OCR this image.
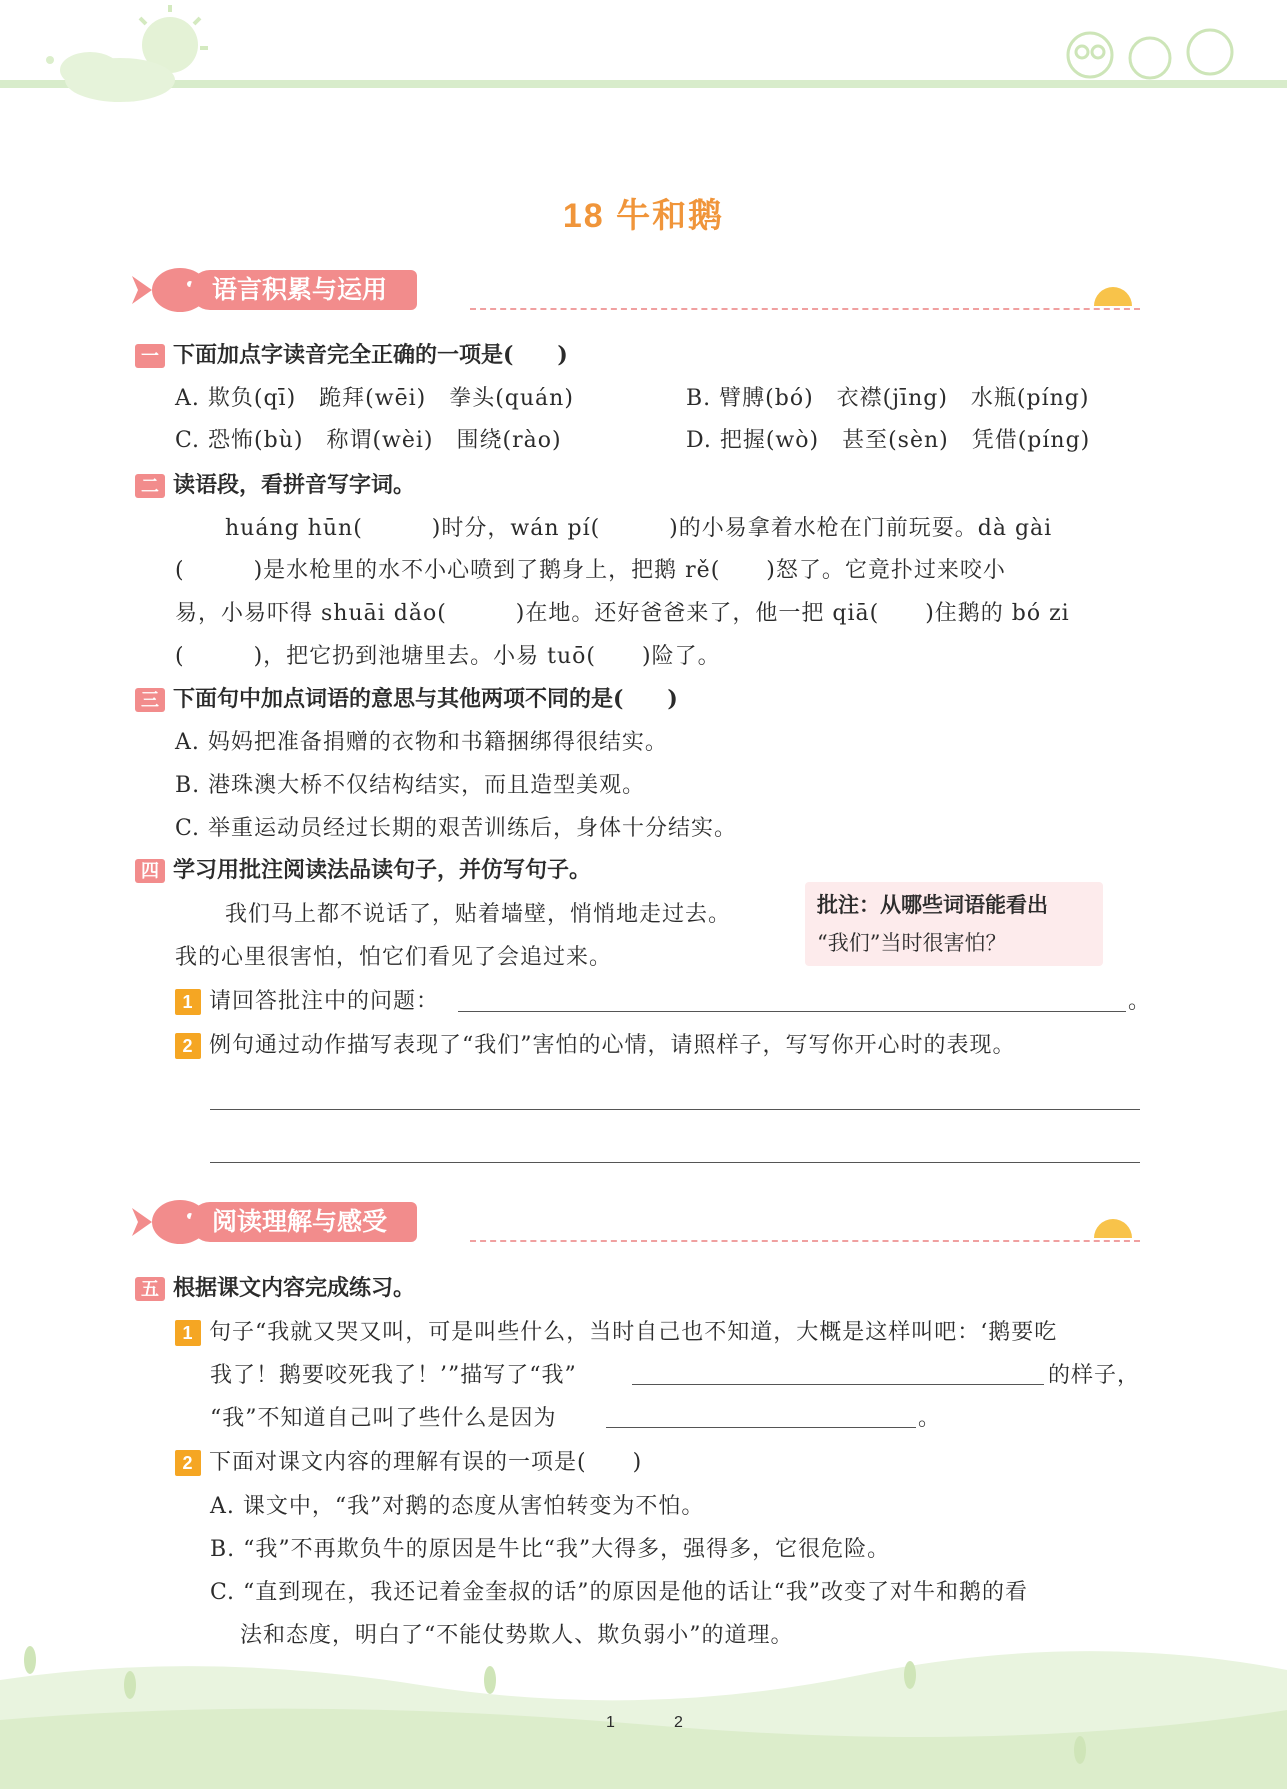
18 牛和鹅
语言积累与运用
一 下面加点字读音完全正确的一项是(　　)
A. 欺负(qī)　跪拜(wēi)　拳头(quán)	B. 臂膊(bó)　衣襟(jīng)　水瓶(píng)
C. 恐怖(bù)　称谓(wèi)　围绕(rào)	D. 把握(wò)　甚至(sèn)　凭借(píng)
二 读语段，看拼音写字词。
huáng hūn(　　　)时分，wán pí(　　　)的小易拿着水枪在门前玩耍。dà gài
(　　　)是水枪里的水不小心喷到了鹅身上，把鹅 rě(　　)怒了。它竟扑过来咬小
易，小易吓得 shuāi dǎo(　　　)在地。还好爸爸来了，他一把 qiā(　　)住鹅的 bó zi
(　　　)，把它扔到池塘里去。小易 tuō(　　)险了。
三 下面句中加点词语的意思与其他两项不同的是(　　)
A. 妈妈把准备捐赠的衣物和书籍捆绑得很结实。
B. 港珠澳大桥不仅结构结实，而且造型美观。
C. 举重运动员经过长期的艰苦训练后，身体十分结实。
四 学习用批注阅读法品读句子，并仿写句子。
我们马上都不说话了，贴着墙壁，悄悄地走过去。
我的心里很害怕，怕它们看见了会追过来。
批注：从哪些词语能看出
“我们”当时很害怕？
1 请回答批注中的问题：	。
2 例句通过动作描写表现了“我们”害怕的心情，请照样子，写写你开心时的表现。
阅读理解与感受
五 根据课文内容完成练习。
1 句子“我就又哭又叫，可是叫些什么，当时自己也不知道，大概是这样叫吧：‘鹅要吃
我了！鹅要咬死我了！’”描写了“我”	的样子，
“我”不知道自己叫了些什么是因为	。
2 下面对课文内容的理解有误的一项是(　　)
A. 课文中，“我”对鹅的态度从害怕转变为不怕。
B. “我”不再欺负牛的原因是牛比“我”大得多，强得多，它很危险。
C. “直到现在，我还记着金奎叔的话”的原因是他的话让“我”改变了对牛和鹅的看
法和态度，明白了“不能仗势欺人、欺负弱小”的道理。
1	2
